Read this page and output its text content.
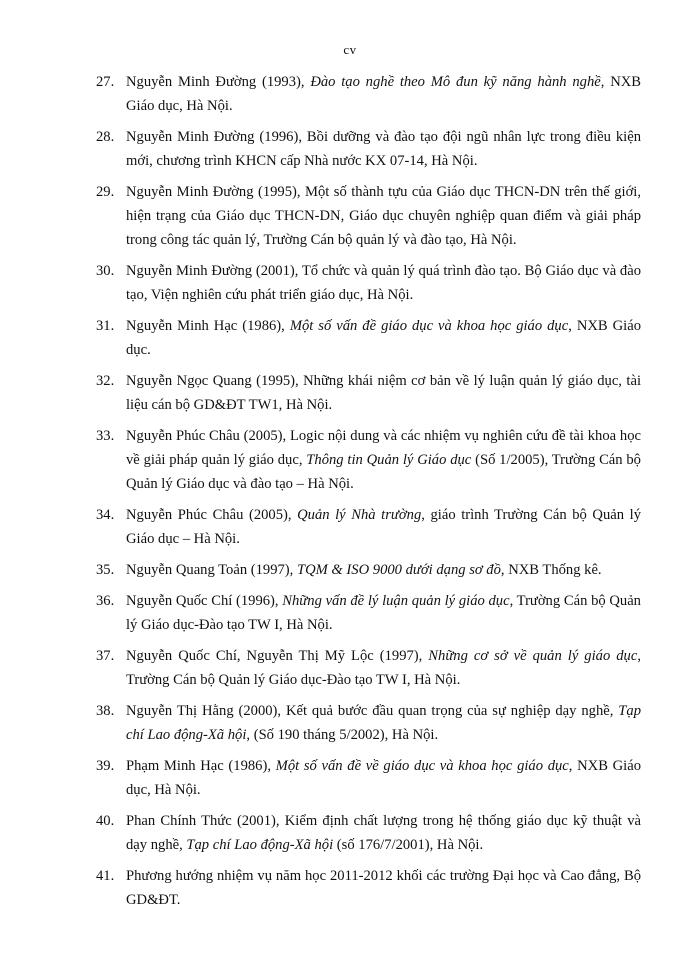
cv
27. Nguyễn Minh Đường (1993), Đào tạo nghề theo Mô đun kỹ năng hành nghề, NXB Giáo dục, Hà Nội.
28. Nguyễn Minh Đường (1996), Bồi dưỡng và đào tạo đội ngũ nhân lực trong điều kiện mới, chương trình KHCN cấp Nhà nước KX 07-14, Hà Nội.
29. Nguyễn Minh Đường (1995), Một số thành tựu của Giáo dục THCN-DN trên thế giới, hiện trạng của Giáo dục THCN-DN, Giáo dục chuyên nghiệp quan điểm và giải pháp trong công tác quản lý, Trường Cán bộ quản lý và đào tạo, Hà Nội.
30. Nguyễn Minh Đường (2001), Tổ chức và quản lý quá trình đào tạo. Bộ Giáo dục và đào tạo, Viện nghiên cứu phát triển giáo dục, Hà Nội.
31. Nguyễn Minh Hạc (1986), Một số vấn đề giáo dục và khoa học giáo dục, NXB Giáo dục.
32. Nguyễn Ngọc Quang (1995), Những khái niệm cơ bản về lý luận quản lý giáo dục, tài liệu cán bộ GD&ĐT TW1, Hà Nội.
33. Nguyễn Phúc Châu (2005), Logic nội dung và các nhiệm vụ nghiên cứu đề tài khoa học về giải pháp quản lý giáo dục, Thông tin Quản lý Giáo dục (Số 1/2005), Trường Cán bộ Quản lý Giáo dục và đào tạo – Hà Nội.
34. Nguyễn Phúc Châu (2005), Quản lý Nhà trường, giáo trình Trường Cán bộ Quản lý Giáo dục – Hà Nội.
35. Nguyễn Quang Toản (1997), TQM & ISO 9000 dưới dạng sơ đồ, NXB Thống kê.
36. Nguyễn Quốc Chí (1996), Những vấn đề lý luận quản lý giáo dục, Trường Cán bộ Quản lý Giáo dục-Đào tạo TW I, Hà Nội.
37. Nguyễn Quốc Chí, Nguyễn Thị Mỹ Lộc (1997), Những cơ sở về quản lý giáo dục, Trường Cán bộ Quản lý Giáo dục-Đào tạo TW I, Hà Nội.
38. Nguyễn Thị Hằng (2000), Kết quả bước đầu quan trọng của sự nghiệp dạy nghề, Tạp chí Lao động-Xã hội, (Số 190 tháng 5/2002), Hà Nội.
39. Phạm Minh Hạc (1986), Một số vấn đề về giáo dục và khoa học giáo dục, NXB Giáo dục, Hà Nội.
40. Phan Chính Thức (2001), Kiểm định chất lượng trong hệ thống giáo dục kỹ thuật và dạy nghề, Tạp chí Lao động-Xã hội (số 176/7/2001), Hà Nội.
41. Phương hướng nhiệm vụ năm học 2011-2012 khối các trường Đại học và Cao đẳng, Bộ GD&ĐT.
